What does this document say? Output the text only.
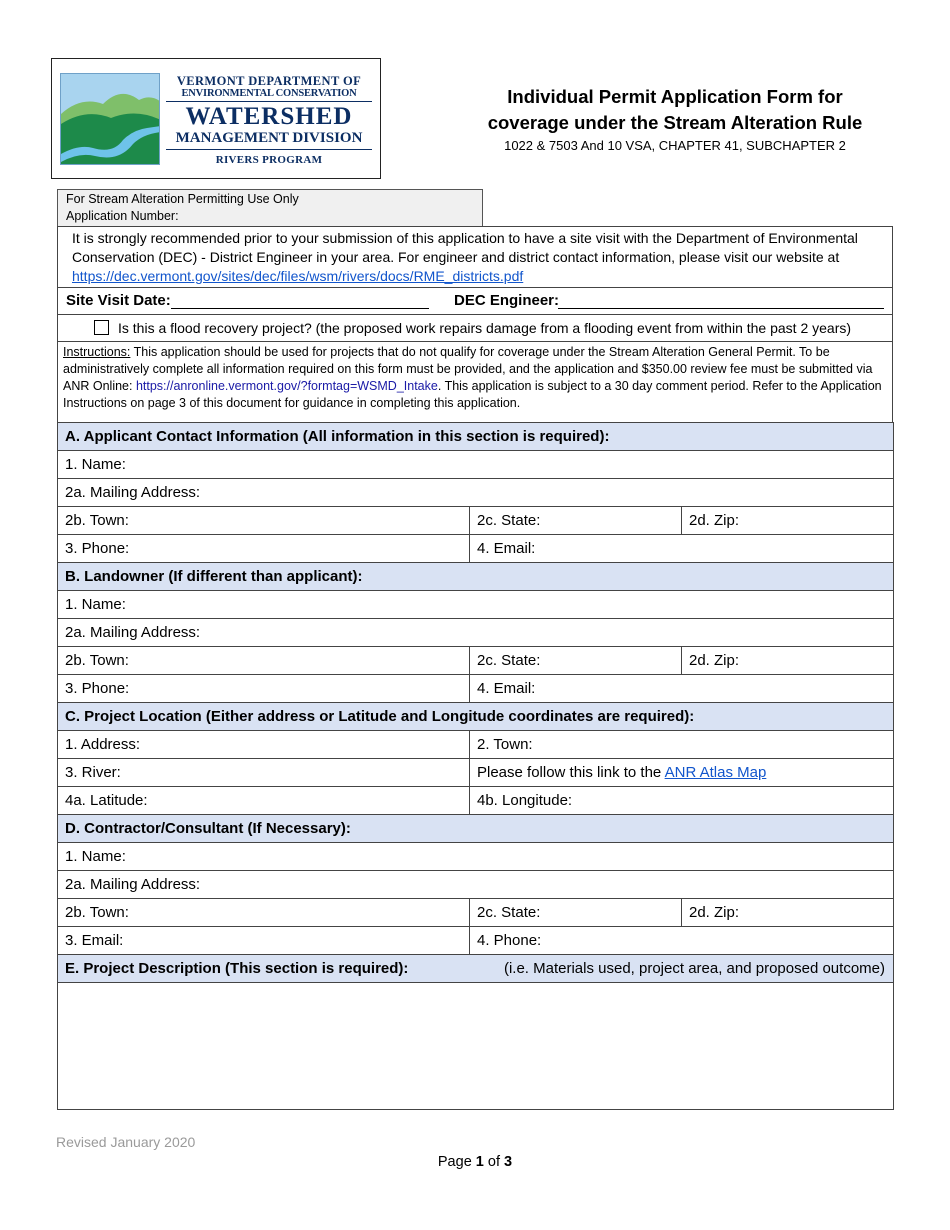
VERMONT DEPARTMENT OF
ENVIRONMENTAL CONSERVATION
WATERSHED
MANAGEMENT DIVISION
RIVERS PROGRAM
Individual Permit Application Form for
coverage under the Stream Alteration Rule
1022 & 7503 And 10 VSA, CHAPTER 41, SUBCHAPTER 2
For Stream Alteration Permitting Use Only
Application Number:
It is strongly recommended prior to your submission of this application to have a site visit with the Department of Environmental Conservation (DEC) - District Engineer in your area. For engineer and district contact information, please visit our website at https://dec.vermont.gov/sites/dec/files/wsm/rivers/docs/RME_districts.pdf
Site Visit Date:	DEC Engineer:
Is this a flood recovery project? (the proposed work repairs damage from a flooding event from within the past 2 years)
Instructions: This application should be used for projects that do not qualify for coverage under the Stream Alteration General Permit. To be administratively complete all information required on this form must be provided, and the application and $350.00 review fee must be submitted via ANR Online: https://anronline.vermont.gov/?formtag=WSMD_Intake. This application is subject to a 30 day comment period. Refer to the Application Instructions on page 3 of this document for guidance in completing this application.
A. Applicant Contact Information (All information in this section is required):		
1. Name:		
2a. Mailing Address:		
2b. Town:	2c. State:	2d. Zip:
3. Phone:	4. Email:	
B. Landowner (If different than applicant):		
1. Name:		
2a. Mailing Address:		
2b. Town:	2c. State:	2d. Zip:
3. Phone:	4. Email:	
C. Project Location (Either address or Latitude and Longitude coordinates are required):		
1. Address:	2. Town:	
3. River:	Please follow this link to the ANR Atlas Map	
4a. Latitude:	4b. Longitude:	
D. Contractor/Consultant (If Necessary):		
1. Name:		
2a. Mailing Address:		
2b. Town:	2c. State:	2d. Zip:
3. Email:	4. Phone:	
E. Project Description (This section is required): (i.e. Materials used, project area, and proposed outcome)		

Revised January 2020
Page 1 of 3
